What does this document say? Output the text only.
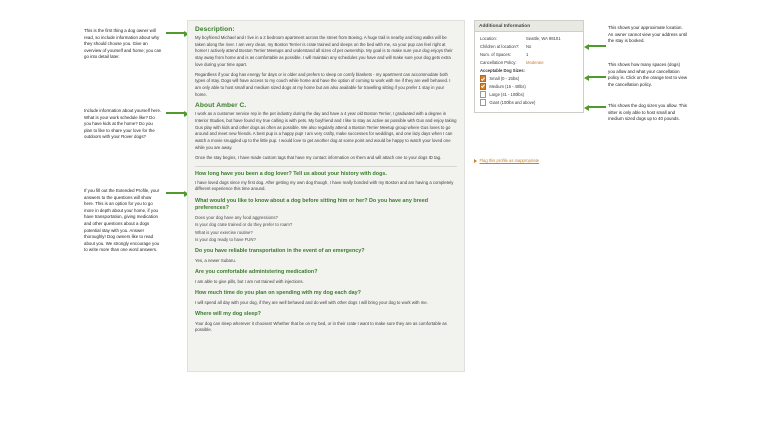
This is the first thing a dog owner will read, so include information about why they should choose you. Give an overview of yourself and home; you can go into detail later.
Include information about yourself here. What is your work schedule like? Do you have kids at the home? Do you plan to like to share your love for the outdoors with your Rover dogs?
If you fill out the Extended Profile, your answers to the questions will show here. This is an option for you to go more in depth about your home, if you have transportation, giving medication and other questions about a dogs potential stay with you. Answer thoroughly! Dog owners like to read about you. We strongly encourage you to write more than one word answers.
Description:

My boyfriend Michael and I live in a 2 bedroom apartment across the street from Boeing. A huge trail is nearby and long walks will be taken along the river. I am very clean, my Boston Terrier is crate trained and sleeps on the bed with me, so your pup can feel right at home! I actively attend Boston Terrier Meetups and understand all sizes of pet ownership. My goal is to make sure your dog enjoys their stay away from home and is as comfortable as possible. I will maintain any schedules you have and will make sure your dog gets extra love during your time apart.

Regardless if your dog has energy for days or is older and prefers to sleep on comfy blankets - my apartment can accommodate both types of stay. Dogs will have access to my couch while home and have the option of coming to work with me if they are well behaved. I am only able to host small and medium sized dogs at my home but am also available for travelling sitting if you prefer 1 stay in your home.

About Amber C.

I work as a customer service rep in the pet industry during the day and have a 4 year old Boston Terrier, I graduated with a degree in Interior Studies, but have found my true calling is with pets. My boyfriend and I like to stay as active as possible with Gus and enjoy taking Gus play with kids and other dogs as often as possible. We also regularly attend a Boston Terrier Meetup group where Gus loves to go around and meet new friends. A best pup is a happy pup! I am very crafty, make successes for weddings, and one lazy days when I can watch a movie snuggled up to the little pup. I would love to get another dog at some point and would be happy to watch your loved one while you are away.

Once the stay begins, I have made custom tags that have my contact information on them and will attach one to your dogs ID tag.

How long have you been a dog lover? Tell us about your history with dogs.
I have loved dogs since my first dog. After getting my own dog though, I have really bonded with my Boston and am having a completely different experience this time around.
What would you like to know about a dog before sitting him or her? Do you have any breed preferences?
Does your dog have any food aggressions?
Is your dog crate trained or do they prefer to roam?
What is your exercise routine?
Is your dog ready to have FUN?
Do you have reliable transportation in the event of an emergency?
Yes, a newer Subaru.
Are you comfortable administering medication?
I am able to give pills, but I am not trained with injections.
How much time do you plan on spending with my dog each day?
I will spend all day with your dog, if they are well behaved and do well with other dogs I will bring your dog to work with me.
Where will my dog sleep?
Your dog can sleep wherever it chooses! Whether that be on my bed, or in their crate I want to make sure they are as comfortable as possible.
Additional Information
Location:	Seattle, WA 98101
Children at location?:	No
Num. of Spaces:	1
Cancellation Policy:	Moderate
Acceptable Dog Sizes:
Small (0 - 15lbs)
Medium (16 - 40lbs)
Large (41 - 100lbs)
Giant (100lbs and above)
Flag this profile as inappropriate
This shows your approximate location. An owner cannot view your address until the stay is booked.
This shows how many spaces (dogs) you allow and what your cancellation policy is. Click on the orange text to view the cancellation policy.
This shows the dog sizes you allow. This sitter is only able to host small and medium sized dogs up to 40 pounds.
